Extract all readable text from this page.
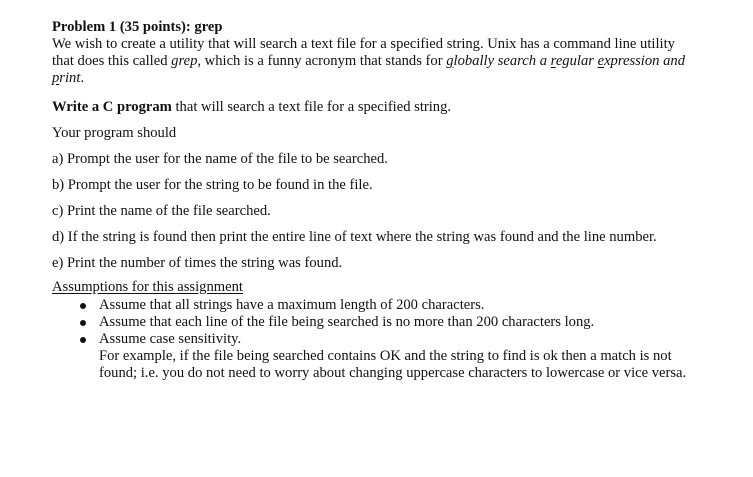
Problem 1 (35 points): grep

We wish to create a utility that will search a text file for a specified string. Unix has a command line utility that does this called grep, which is a funny acronym that stands for globally search a regular expression and print.

Write a C program that will search a text file for a specified string.

Your program should

a) Prompt the user for the name of the file to be searched.

b) Prompt the user for the string to be found in the file.

c) Print the name of the file searched.

d) If the string is found then print the entire line of text where the string was found and the line number.

e) Print the number of times the string was found.

Assumptions for this assignment
Assume that all strings have a maximum length of 200 characters.
Assume that each line of the file being searched is no more than 200 characters long.
Assume case sensitivity.

For example, if the file being searched contains OK and the string to find is ok then a match is not found; i.e. you do not need to worry about changing uppercase characters to lowercase or vice versa.
